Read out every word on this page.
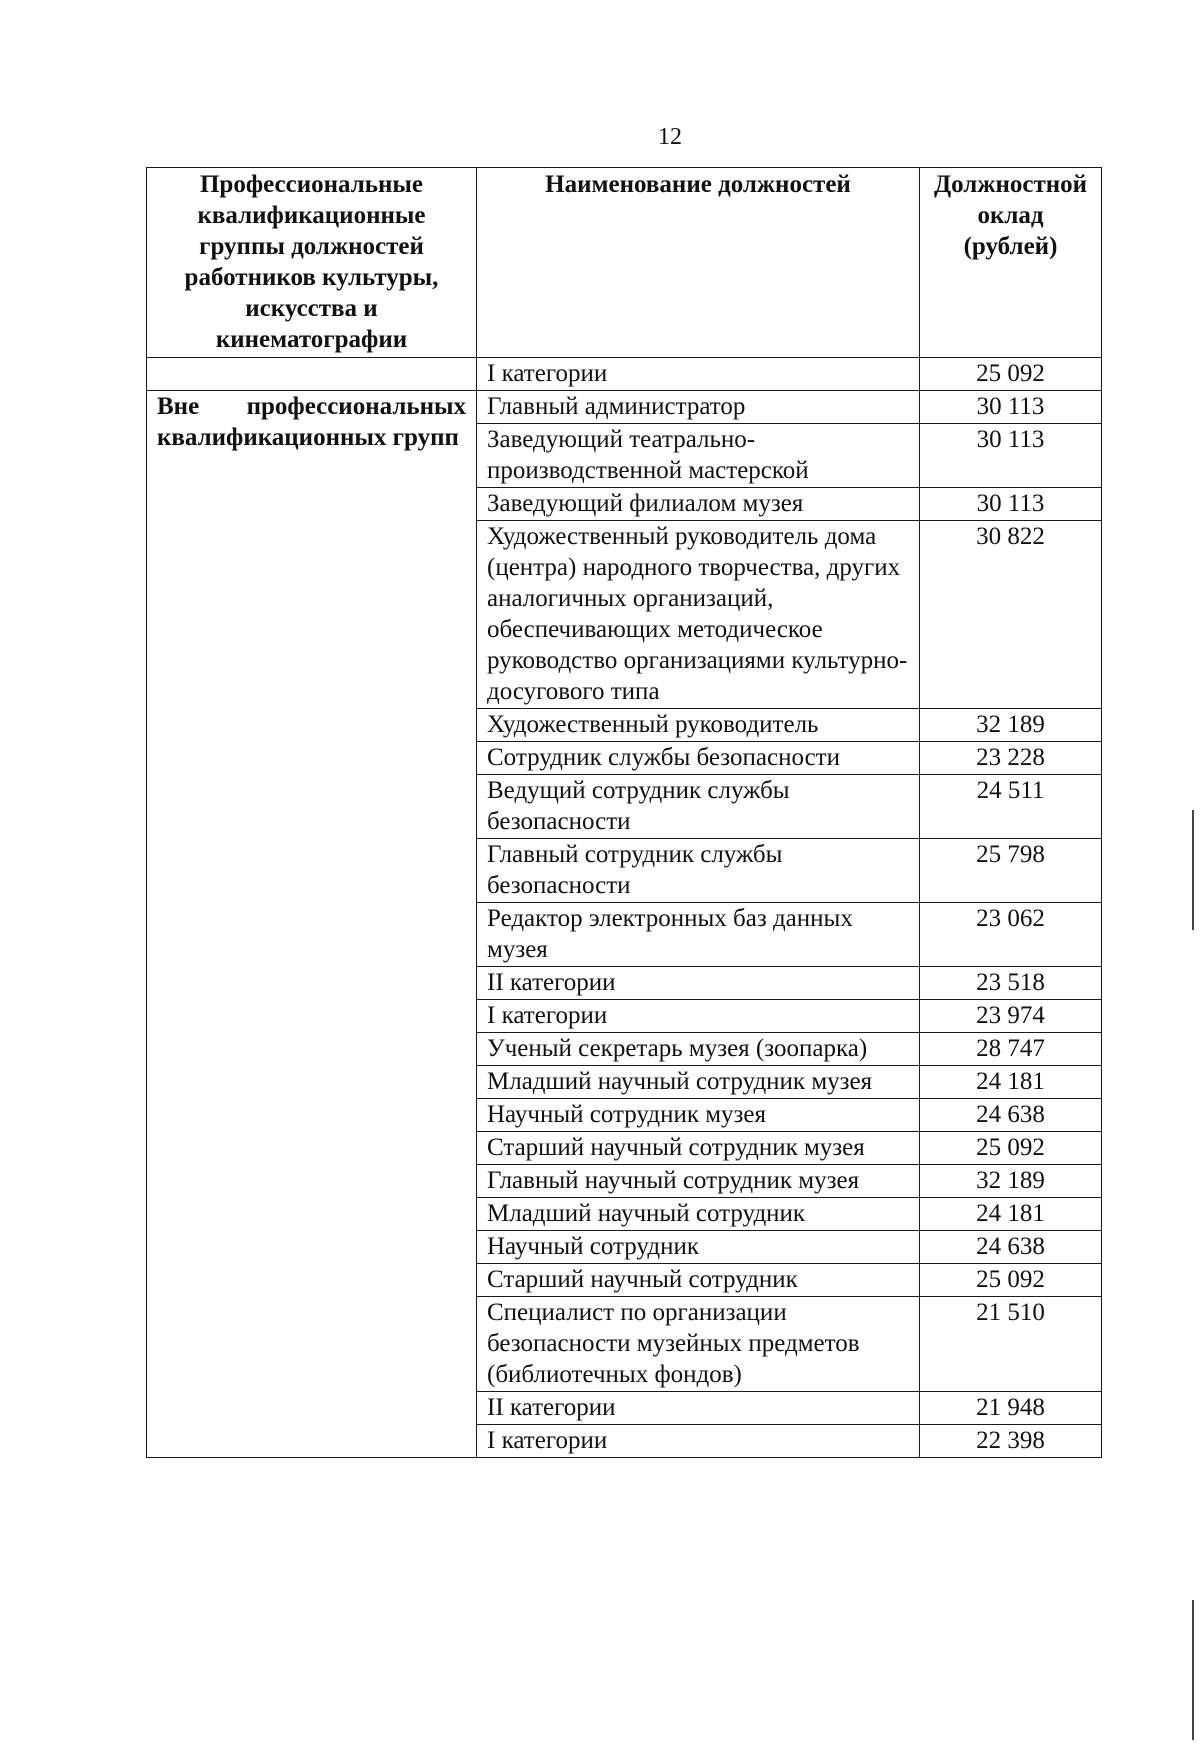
12
Профессиональные квалификационные группы должностей работников культуры, искусства и кинематографии	Наименование должностей	Должностной оклад (рублей)
	I категории	25 092

Вне профессиональных квалификационных групп	Главный администратор	30 113
	Заведующий театрально-производственной мастерской	30 113
	Заведующий филиалом музея	30 113
	Художественный руководитель дома (центра) народного творчества, других аналогичных организаций, обеспечивающих методическое руководство организациями культурно-досугового типа	30 822
	Художественный руководитель	32 189
	Сотрудник службы безопасности	23 228
	Ведущий сотрудник службы безопасности	24 511
	Главный сотрудник службы безопасности	25 798
	Редактор электронных баз данных музея	23 062
	II категории	23 518
	I категории	23 974
	Ученый секретарь музея (зоопарка)	28 747
	Младший научный сотрудник музея	24 181
	Научный сотрудник музея	24 638
	Старший научный сотрудник музея	25 092
	Главный научный сотрудник музея	32 189
	Младший научный сотрудник	24 181
	Научный сотрудник	24 638
	Старший научный сотрудник	25 092
	Специалист по организации безопасности музейных предметов (библиотечных фондов)	21 510
	II категории	21 948
	I категории	22 398
